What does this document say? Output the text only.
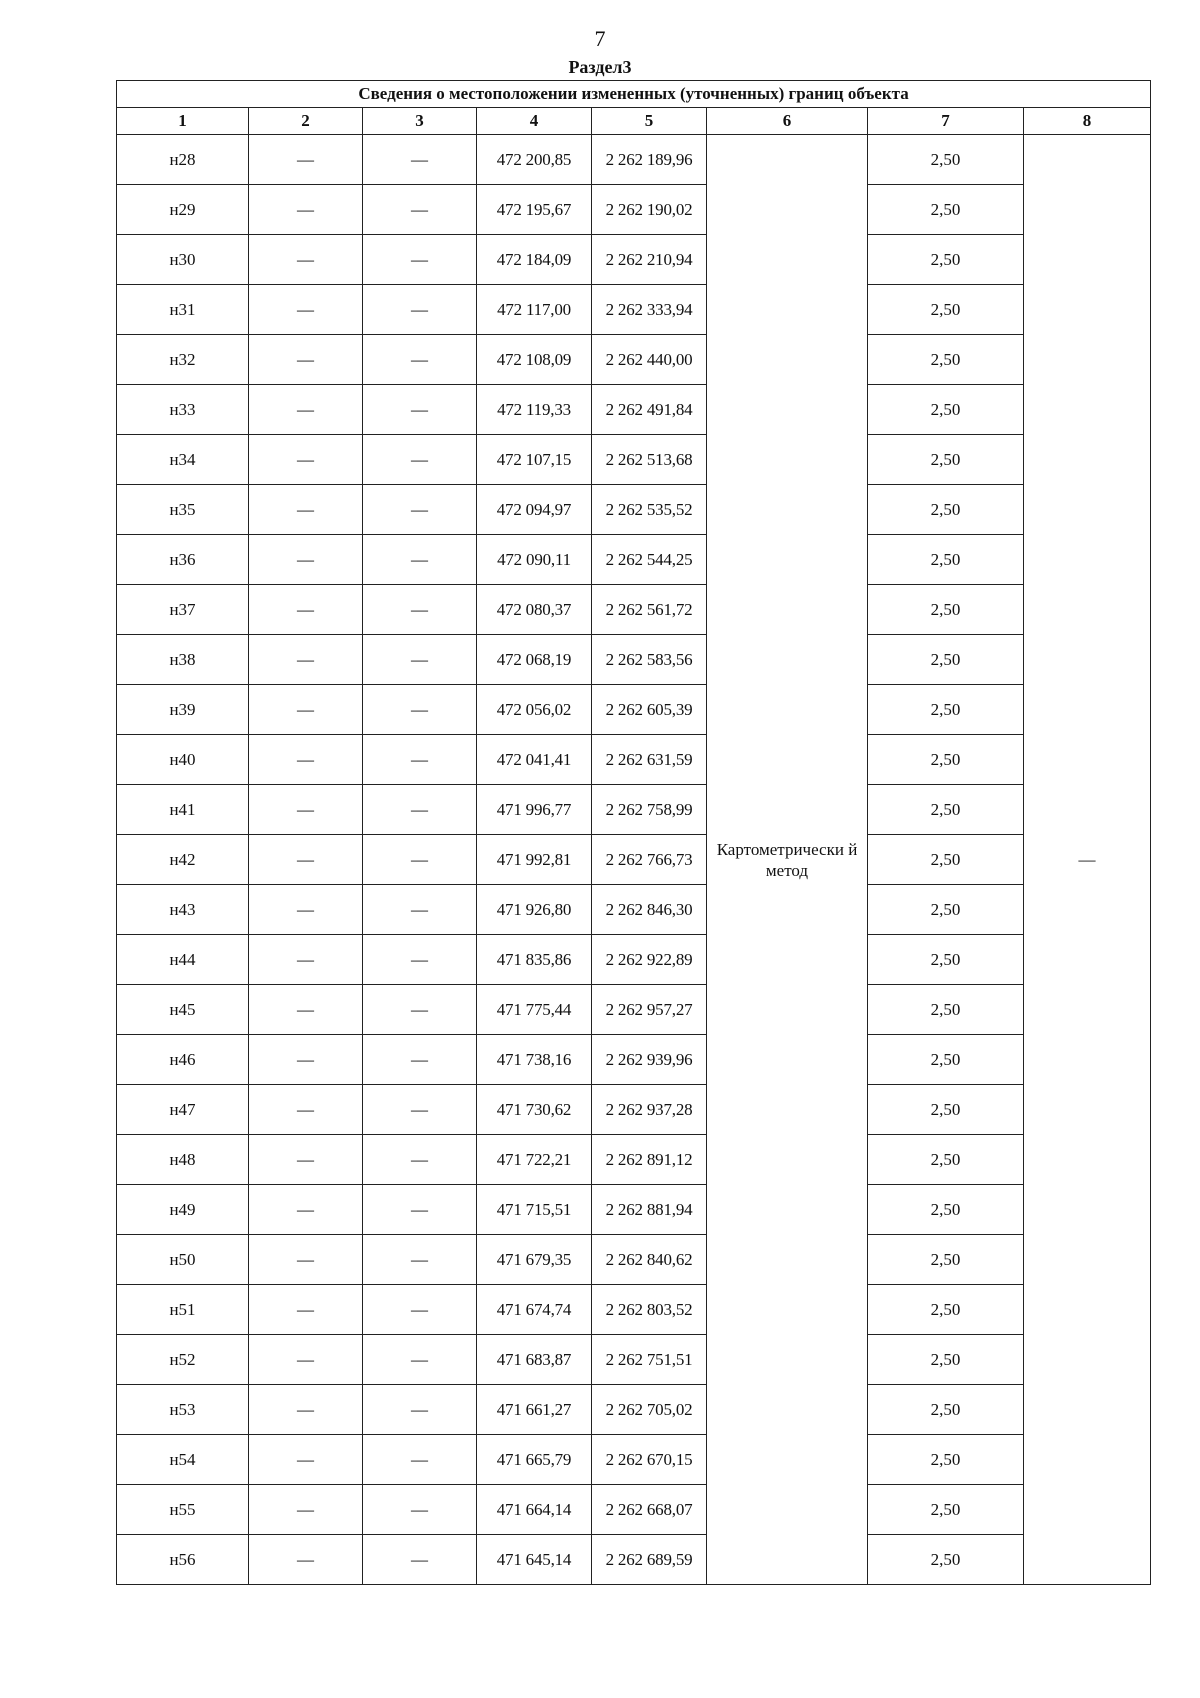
7
Раздел3
Сведения о местоположении измененных (уточненных) границ объекта							
1	2	3	4	5	6	7	8
н28	—	—	472 200,85	2 262 189,96	Картометрически й метод	2,50	—
н29	—	—	472 195,67	2 262 190,02		2,50	
н30	—	—	472 184,09	2 262 210,94		2,50	
н31	—	—	472 117,00	2 262 333,94		2,50	
н32	—	—	472 108,09	2 262 440,00		2,50	
н33	—	—	472 119,33	2 262 491,84		2,50	
н34	—	—	472 107,15	2 262 513,68		2,50	
н35	—	—	472 094,97	2 262 535,52		2,50	
н36	—	—	472 090,11	2 262 544,25		2,50	
н37	—	—	472 080,37	2 262 561,72		2,50	
н38	—	—	472 068,19	2 262 583,56		2,50	
н39	—	—	472 056,02	2 262 605,39		2,50	
н40	—	—	472 041,41	2 262 631,59		2,50	
н41	—	—	471 996,77	2 262 758,99		2,50	
н42	—	—	471 992,81	2 262 766,73		2,50	
н43	—	—	471 926,80	2 262 846,30		2,50	
н44	—	—	471 835,86	2 262 922,89		2,50	
н45	—	—	471 775,44	2 262 957,27		2,50	
н46	—	—	471 738,16	2 262 939,96		2,50	
н47	—	—	471 730,62	2 262 937,28		2,50	
н48	—	—	471 722,21	2 262 891,12		2,50	
н49	—	—	471 715,51	2 262 881,94		2,50	
н50	—	—	471 679,35	2 262 840,62		2,50	
н51	—	—	471 674,74	2 262 803,52		2,50	
н52	—	—	471 683,87	2 262 751,51		2,50	
н53	—	—	471 661,27	2 262 705,02		2,50	
н54	—	—	471 665,79	2 262 670,15		2,50	
н55	—	—	471 664,14	2 262 668,07		2,50	
н56	—	—	471 645,14	2 262 689,59		2,50	
